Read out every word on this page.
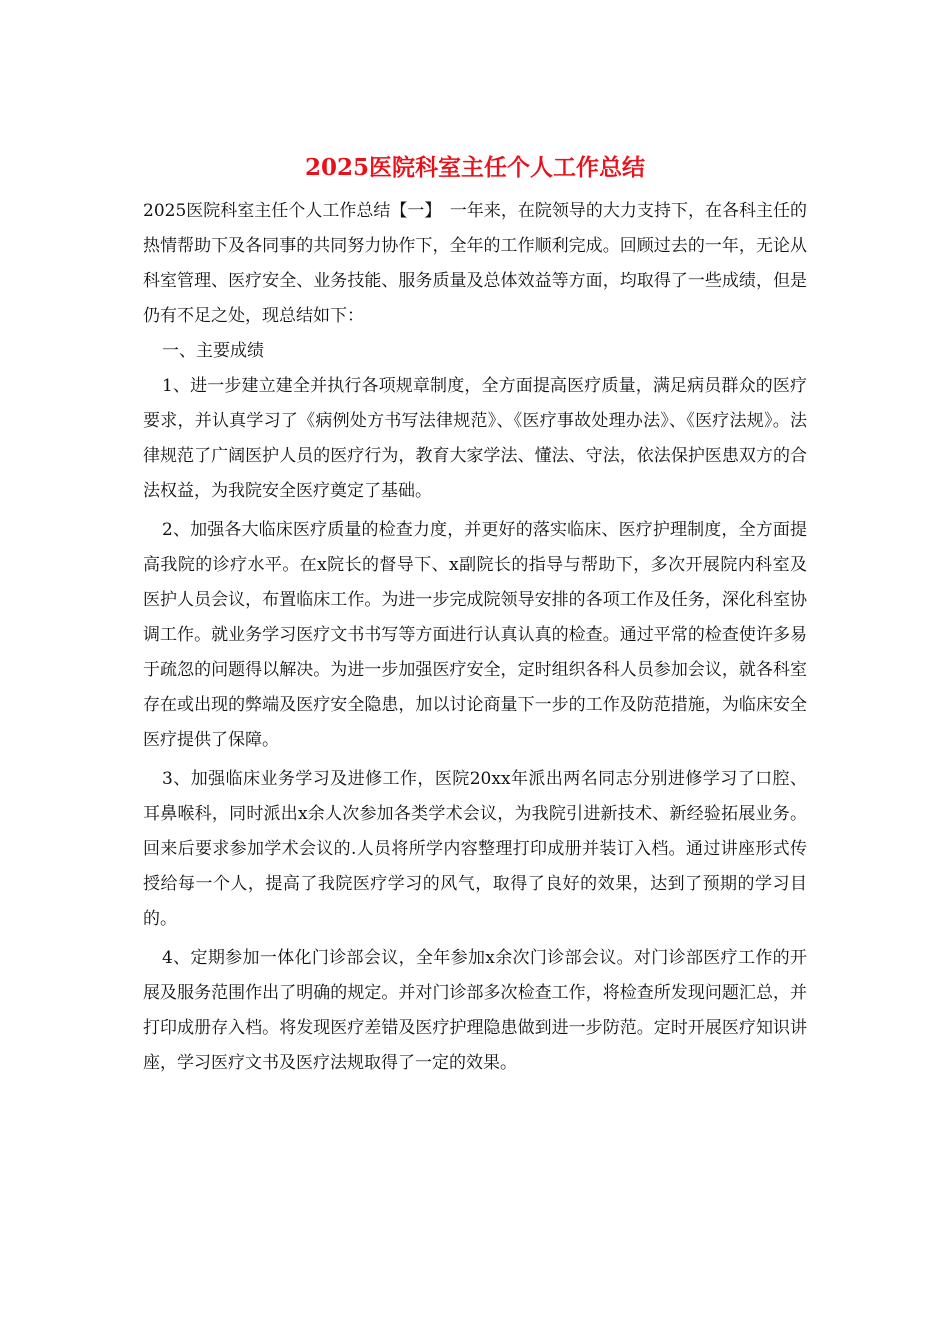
2025医院科室主任个人工作总结

2025医院科室主任个人工作总结【一】　一年来，在院领导的大力支持下，在各科主任的热情帮助下及各同事的共同努力协作下，全年的工作顺利完成。回顾过去的一年，无论从科室管理、医疗安全、业务技能、服务质量及总体效益等方面，均取得了一些成绩，但是仍有不足之处，现总结如下：

一、主要成绩

1、进一步建立建全并执行各项规章制度，全方面提高医疗质量，满足病员群众的医疗要求，并认真学习了《病例处方书写法律规范》、《医疗事故处理办法》、《医疗法规》。法律规范了广阔医护人员的医疗行为，教育大家学法、懂法、守法，依法保护医患双方的合法权益，为我院安全医疗奠定了基础。

2、加强各大临床医疗质量的检查力度，并更好的落实临床、医疗护理制度，全方面提高我院的诊疗水平。在x院长的督导下、x副院长的指导与帮助下，多次开展院内科室及医护人员会议，布置临床工作。为进一步完成院领导安排的各项工作及任务，深化科室协调工作。就业务学习医疗文书书写等方面进行认真认真的检查。通过平常的检查使许多易于疏忽的问题得以解决。为进一步加强医疗安全，定时组织各科人员参加会议，就各科室存在或出现的弊端及医疗安全隐患，加以讨论商量下一步的工作及防范措施，为临床安全医疗提供了保障。

3、加强临床业务学习及进修工作，医院20xx年派出两名同志分别进修学习了口腔、耳鼻喉科，同时派出x余人次参加各类学术会议，为我院引进新技术、新经验拓展业务。回来后要求参加学术会议的.人员将所学内容整理打印成册并装订入档。通过讲座形式传授给每一个人，提高了我院医疗学习的风气，取得了良好的效果，达到了预期的学习目的。

4、定期参加一体化门诊部会议，全年参加x余次门诊部会议。对门诊部医疗工作的开展及服务范围作出了明确的规定。并对门诊部多次检查工作，将检查所发现问题汇总，并打印成册存入档。将发现医疗差错及医疗护理隐患做到进一步防范。定时开展医疗知识讲座，学习医疗文书及医疗法规取得了一定的效果。
